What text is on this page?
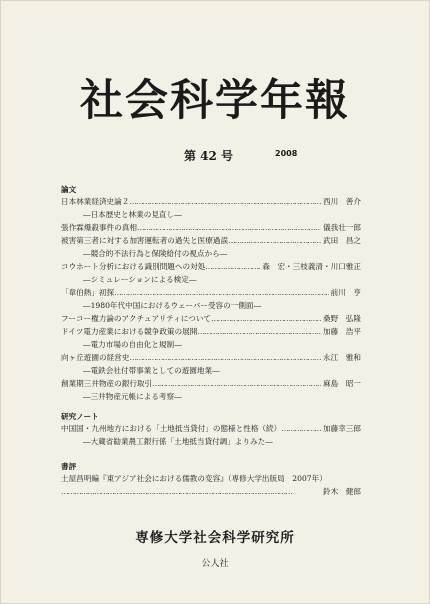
社会科学年報
第 42 号	2008
論文
日本林業経済史論２ ……………………………………………………………………………………………	西川　善介
―日本歴史と林業の見直し―
張作霖爆殺事件の真相 ……………………………………………………………………………………………	儀我壮一郎
被害第三者に対する加害運転者の過失と医療過誤 ……………………………………………………………………………………………	武田　昌之
―競合的不法行為と保険給付の視点から―
コウホート分析における識別問題への対処 ……………………………………………………………………………………………	森　宏・三枝義清・川口雅正
―シミュレーションによる検定―
「韋伯熱」初探 ……………………………………………………………………………………………	前川　亨
―1980年代中国におけるウェーバー受容の一側面―
フーコー権力論のアクチュアリティについて ……………………………………………………………………………………………	桑野　弘隆
ドイツ電力産業における競争政策の展開 ……………………………………………………………………………………………	加藤　浩平
―電力市場の自由化と規制―
向ヶ丘遊園の経営史 ……………………………………………………………………………………………	永江　雅和
―電鉄会社付帯事業としての遊園地業―
創業期三井物産の銀行取引 ……………………………………………………………………………………………	麻島　昭一
―三井物産元帳による考察―
研究ノート
中国国・九州地方における「土地抵当貸付」の態様と性格（続） ……………………………………………………………………………………………	加藤幸三郎
―大蔵省勧業農工銀行係「土地抵当貸付調」よりみた―
書評
土屋昌明編『東アジア社会における儒教の変容』（専修大学出版局　2007年）
……………………………………………………………………………………………
鈴木　健郎
専修大学社会科学研究所
公人社
